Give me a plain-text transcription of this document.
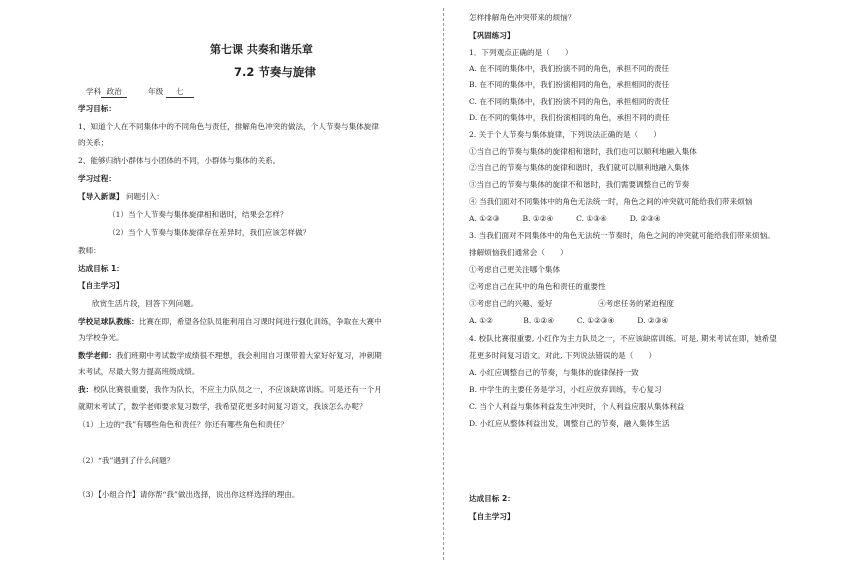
第七课 共奏和谐乐章
7.2 节奏与旋律
学科 政治	年级 七
学习目标：
1、知道个人在不同集体中的不同角色与责任，排解角色冲突的做法，个人节奏与集体旋律
的关系；
2、能够归纳小群体与小团体的不同，小群体与集体的关系。
学习过程：
【导入新课】 问题引入：
（1）当个人节奏与集体旋律相和谐时，结果会怎样？
（2）当个人节奏与集体旋律存在差异时，我们应该怎样做？
教师：
达成目标 1：
【自主学习】
欣赏生活片段，回答下列问题。
学校足球队教练：比赛在即，希望各位队员能利用自习课时间进行强化训练，争取在大赛中
为学校争光。
数学老师：我们班期中考试数学成绩很不理想，我会利用自习课带着大家好好复习，冲刺期
末考试，尽最大努力提高班级成绩。
我：校队比赛很重要，我作为队长，不应主力队员之一，不应该缺席训练。可是还有一个月
就期末考试了，数学老师要求复习数学，我希望花更多时间复习语文，我该怎么办呢？
（1）上边的“我”有哪些角色和责任？你还有哪些角色和责任？
（2）“我”遇到了什么问题？
（3）【小组合作】请你帮“我”做出选择，说出你这样选择的理由。
怎样排解角色冲突带来的烦恼？
【巩固练习】
1．下列观点正确的是（　　）
A. 在不同的集体中，我们扮演不同的角色，承担不同的责任
B. 在不同的集体中，我们扮演相同的角色，承担相同的责任
C. 在不同的集体中，我们扮演不同的角色，承担相同的责任
D. 在不同的集体中，我们扮演相同的角色，承担不同的责任
2. 关于个人节奏与集体旋律，下列说法正确的是（　　）
①当自己的节奏与集体的旋律相和谐时，我们也可以顺利地融入集体
②当自己的节奏与集体的旋律和谐时，我们就可以顺利地融入集体
③当自己的节奏与集体的旋律不和谐时，我们需要调整自己的节奏
④ 当我们面对不同集体中的角色无法统一时，角色之间的冲突就可能给我们带来烦恼
A. ①②③　　　B. ①②④　　　C. ①③④　　　D. ②③④
3. 当我们面对不同集体中的角色无法统一节奏时，角色之间的冲突就可能给我们带来烦恼。
排解烦恼我们通常会（　　）
①考虑自己更关注哪个集体
②考虑自己在其中的角色和责任的重要性
③考虑自己的兴趣、爱好　　　　　　④考虑任务的紧迫程度
A. ①②　　　　B. ①②④　　　C. ①②③④　　　D. ②③④
4. 校队比赛很重要, 小红作为主力队员之一，不应该缺席训练。可是, 期末考试在即，她希望
花更多时间复习语文。对此, 下列说法错误的是（　　）
A. 小红应调整自己的节奏，与集体的旋律保持一致
B. 中学生的主要任务是学习，小红应放弃训练，专心复习
C. 当个人利益与集体利益发生冲突时，个人利益应服从集体利益
D. 小红应从整体利益出发，调整自己的节奏，融入集体生活
达成目标 2：
【自主学习】
